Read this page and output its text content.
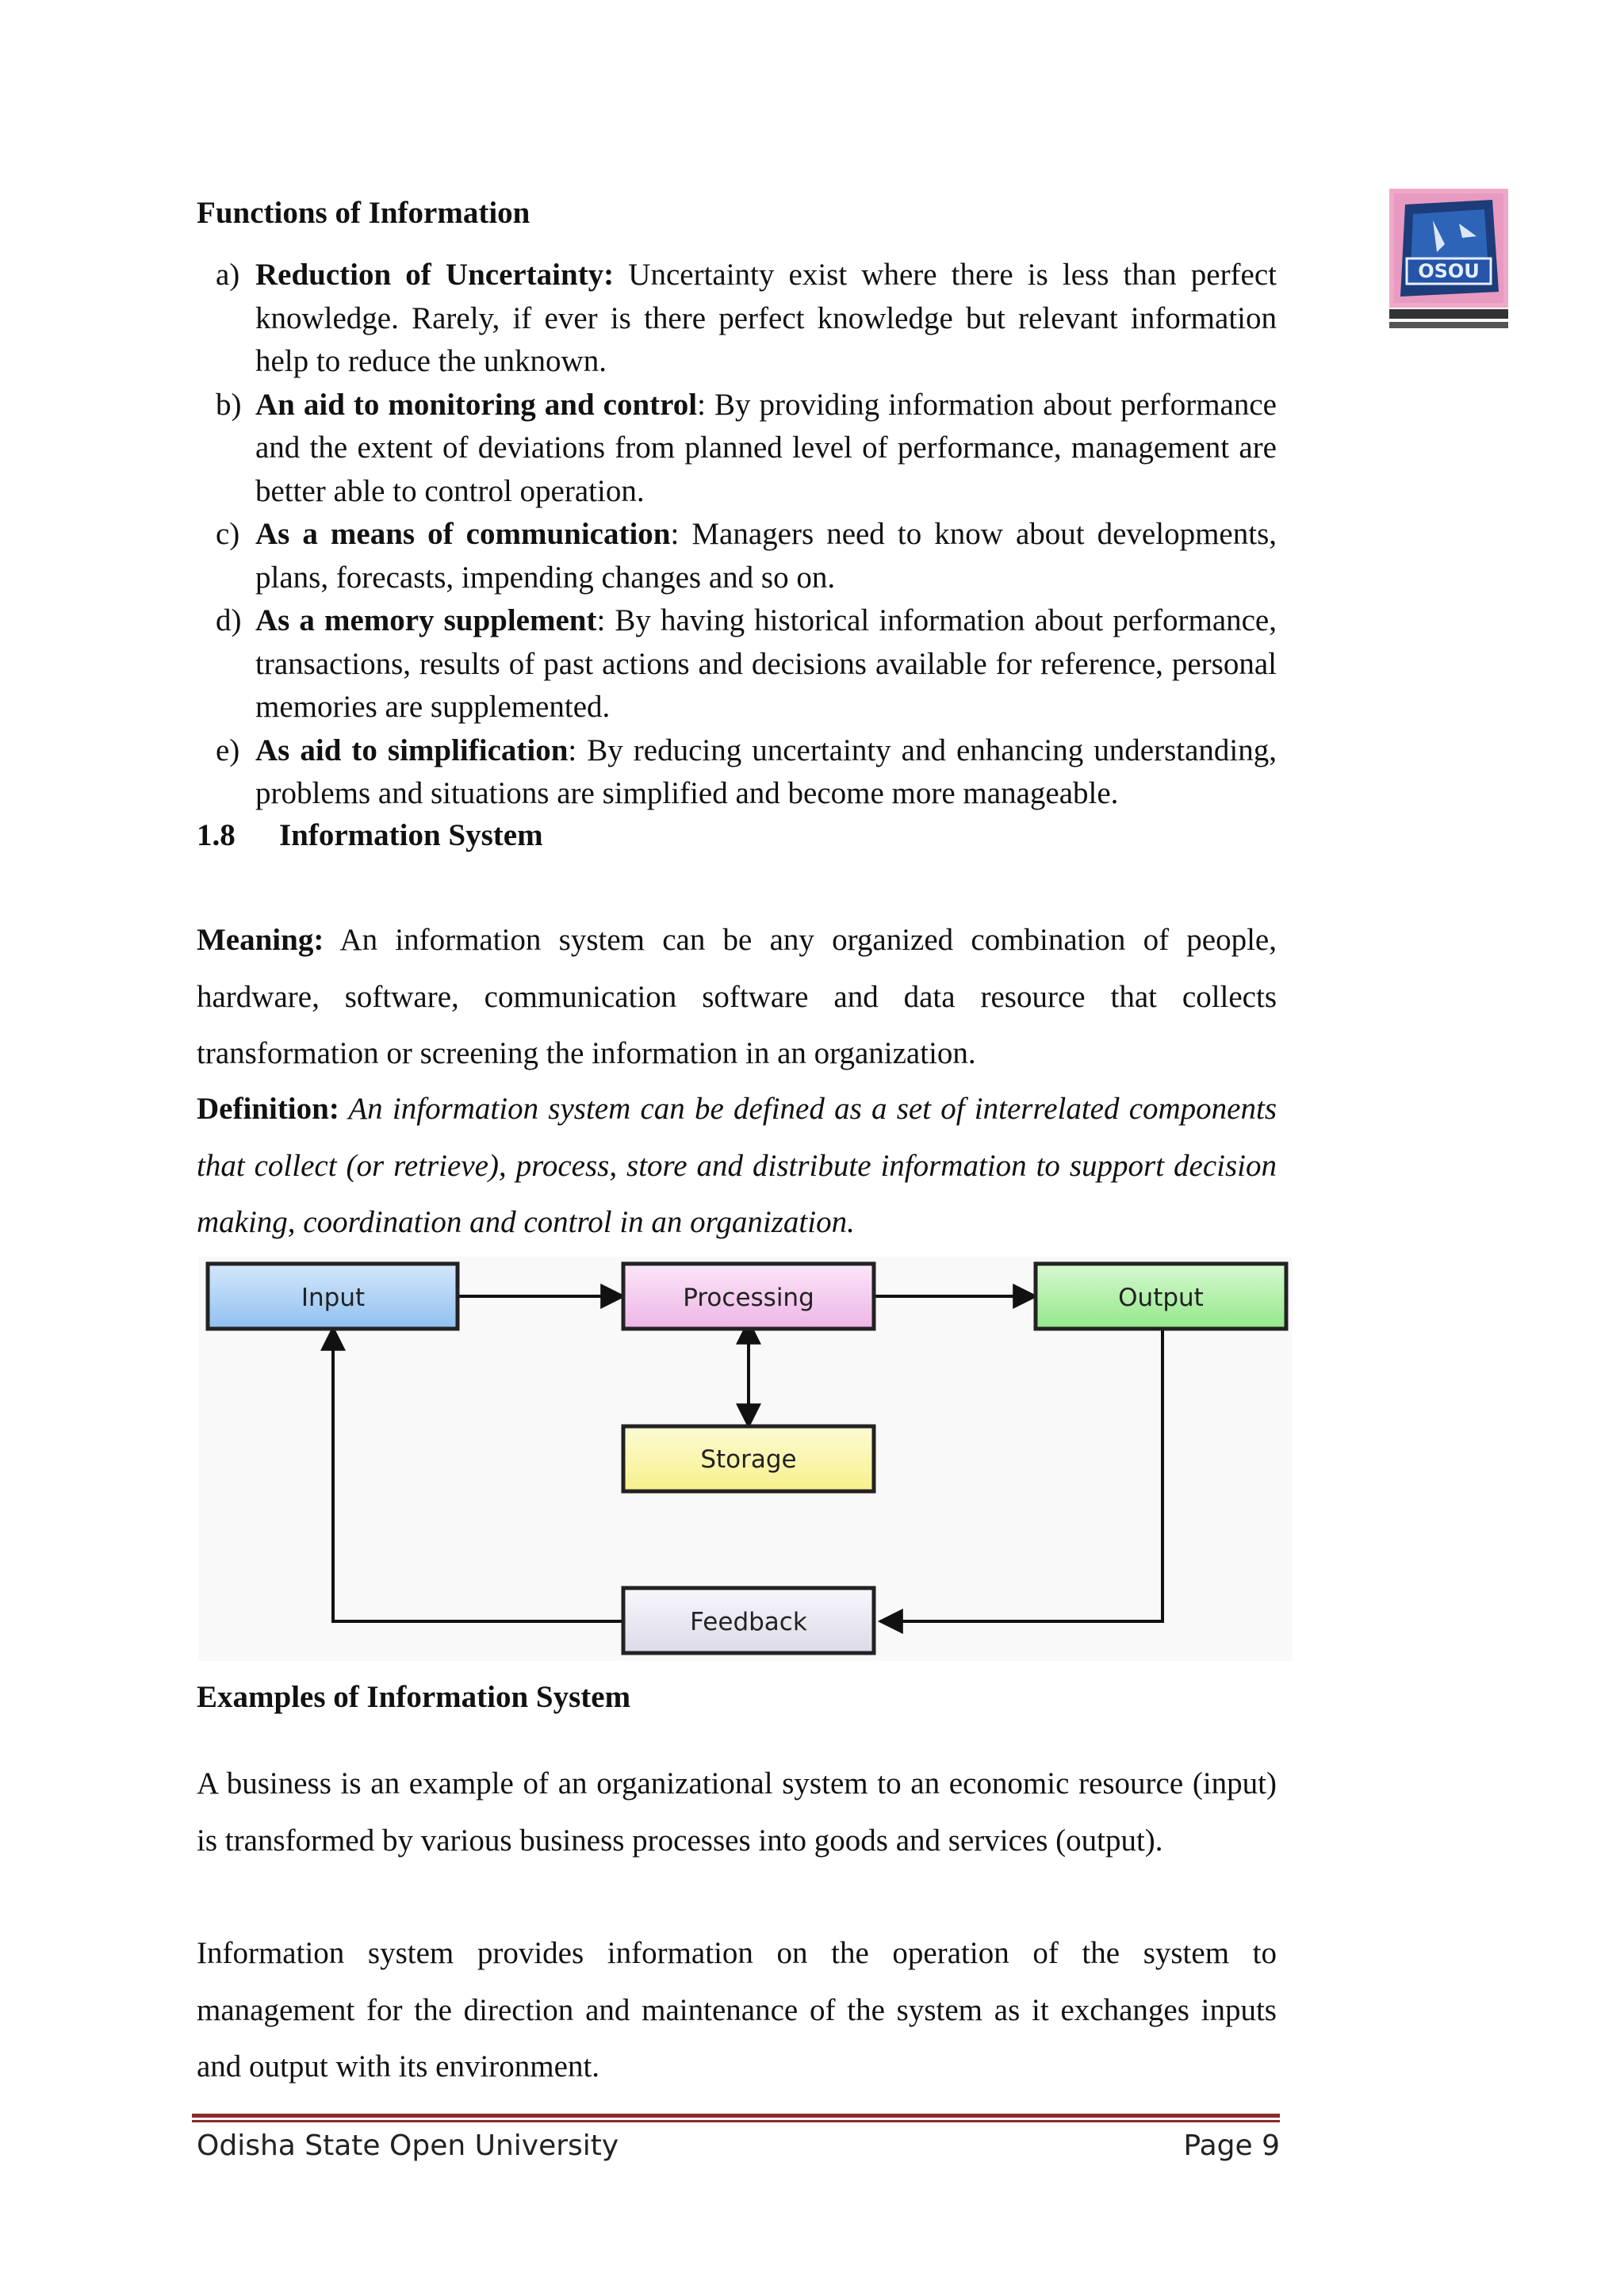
OSOU
Functions of Information
a) Reduction of Uncertainty: Uncertainty exist where there is less than perfect knowledge. Rarely, if ever is there perfect knowledge but relevant information help to reduce the unknown.
b) An aid to monitoring and control: By providing information about performance and the extent of deviations from planned level of performance, management are better able to control operation.
c) As a means of communication: Managers need to know about developments, plans, forecasts, impending changes and so on.
d) As a memory supplement: By having historical information about performance, transactions, results of past actions and decisions available for reference, personal memories are supplemented.
e) As aid to simplification: By reducing uncertainty and enhancing understanding, problems and situations are simplified and become more manageable.
1.8 Information System
Meaning: An information system can be any organized combination of people, hardware, software, communication software and data resource that collects transformation or screening the information in an organization.
Definition: An information system can be defined as a set of interrelated components that collect (or retrieve), process, store and distribute information to support decision making, coordination and control in an organization.
Input	Processing	Output
Storage
Feedback
Examples of Information System
A business is an example of an organizational system to an economic resource (input) is transformed by various business processes into goods and services (output).
Information system provides information on the operation of the system to management for the direction and maintenance of the system as it exchanges inputs and output with its environment.
Odisha State Open University	Page 9
